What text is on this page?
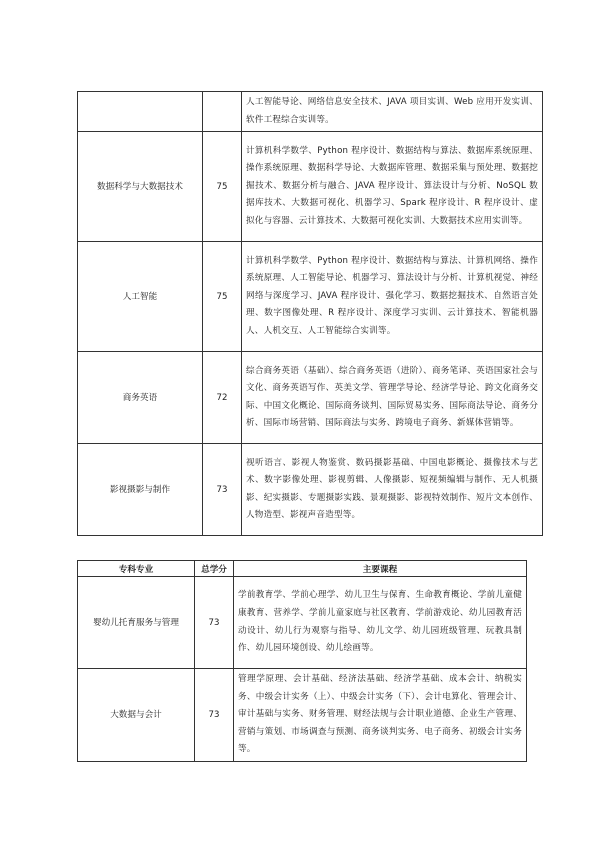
		人工智能导论、网络信息安全技术、JAVA 项目实训、Web 应用开发实训、软件工程综合实训等。
数据科学与大数据技术	75	计算机科学数学、Python 程序设计、数据结构与算法、数据库系统原理、操作系统原理、数据科学导论、大数据库管理、数据采集与预处理、数据挖掘技术、数据分析与融合、JAVA 程序设计、算法设计与分析、NoSQL 数据库技术、大数据可视化、机器学习、Spark 程序设计、R 程序设计、虚拟化与容器、云计算技术、大数据可视化实训、大数据技术应用实训等。
人工智能	75	计算机科学数学、Python 程序设计、数据结构与算法、计算机网络、操作系统原理、人工智能导论、机器学习、算法设计与分析、计算机视觉、神经网络与深度学习、JAVA 程序设计、强化学习、数据挖掘技术、自然语言处理、数字图像处理、R 程序设计、深度学习实训、云计算技术、智能机器人、人机交互、人工智能综合实训等。
商务英语	72	综合商务英语（基础）、综合商务英语（进阶）、商务笔译、英语国家社会与文化、商务英语写作、英美文学、管理学导论、经济学导论、跨文化商务交际、中国文化概论、国际商务谈判、国际贸易实务、国际商法导论、商务分析、国际市场营销、国际商法与实务、跨境电子商务、新媒体营销等。
影视摄影与制作	73	视听语言、影视人物鉴赏、数码摄影基础、中国电影概论、摄像技术与艺术、数字影像处理、影视剪辑、人像摄影、短视频编辑与制作、无人机摄影、纪实摄影、专题摄影实践、景观摄影、影视特效制作、短片文本创作、人物造型、影视声音造型等。
专科专业	总学分	主要课程
婴幼儿托育服务与管理	73	学前教育学、学前心理学、幼儿卫生与保育、生命教育概论、学前儿童健康教育、营养学、学前儿童家庭与社区教育、学前游戏论、幼儿园教育活动设计、幼儿行为观察与指导、幼儿文学、幼儿园班级管理、玩教具制作、幼儿园环境创设、幼儿绘画等。
大数据与会计	73	管理学原理、会计基础、经济法基础、经济学基础、成本会计、纳税实务、中级会计实务（上）、中级会计实务（下）、会计电算化、管理会计、审计基础与实务、财务管理、财经法规与会计职业道德、企业生产管理、营销与策划、市场调查与预测、商务谈判实务、电子商务、初级会计实务等。
